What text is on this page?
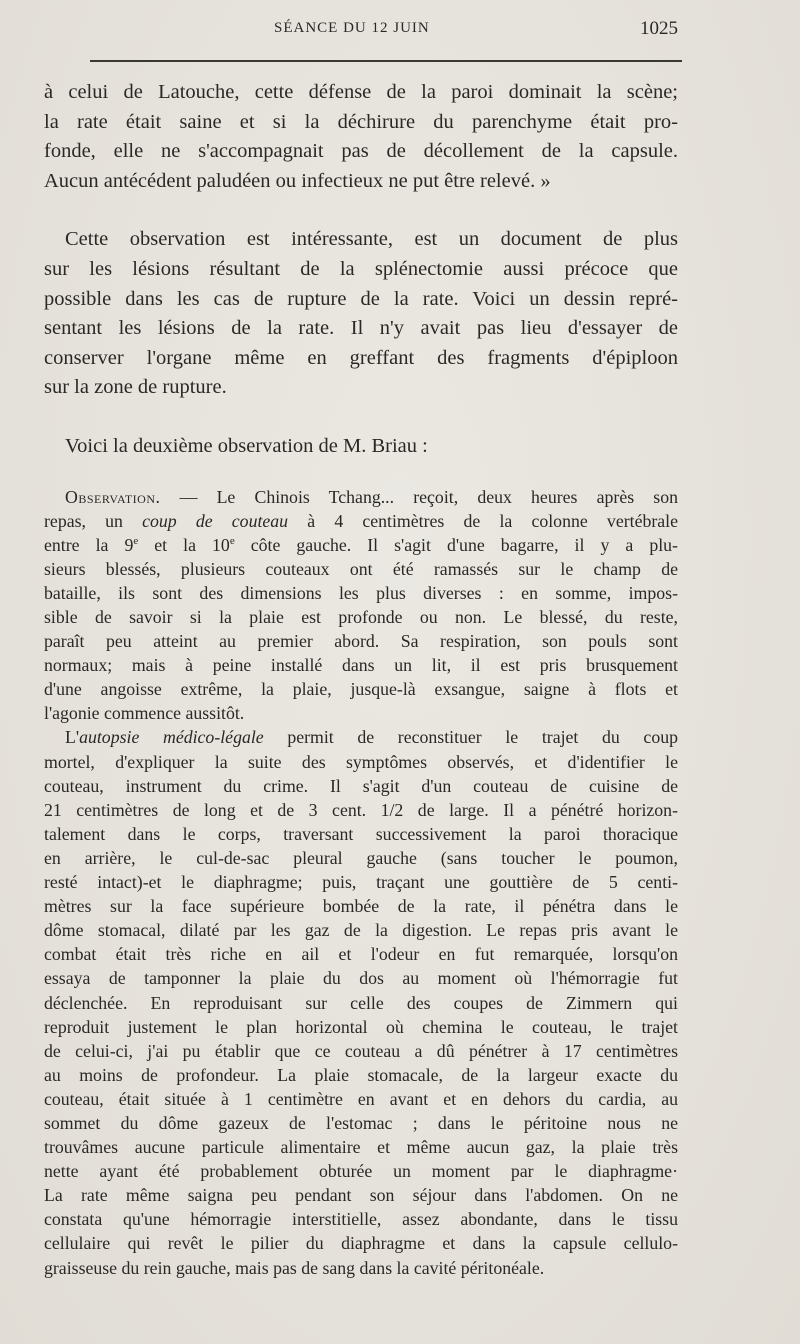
SÉANCE DU 12 JUIN	1025

à celui de Latouche, cette défense de la paroi dominait la scène;

la rate était saine et si la déchirure du parenchyme était pro-

fonde, elle ne s'accompagnait pas de décollement de la capsule.

Aucun antécédent paludéen ou infectieux ne put être relevé. »

Cette observation est intéressante, est un document de plus

sur les lésions résultant de la splénectomie aussi précoce que

possible dans les cas de rupture de la rate. Voici un dessin repré-

sentant les lésions de la rate. Il n'y avait pas lieu d'essayer de

conserver l'organe même en greffant des fragments d'épiploon

sur la zone de rupture.

Voici la deuxième observation de M. Briau :

Observation. — Le Chinois Tchang... reçoit, deux heures après son

repas, un coup de couteau à 4 centimètres de la colonne vertébrale

entre la 9e et la 10e côte gauche. Il s'agit d'une bagarre, il y a plu-

sieurs blessés, plusieurs couteaux ont été ramassés sur le champ de

bataille, ils sont des dimensions les plus diverses : en somme, impos-

sible de savoir si la plaie est profonde ou non. Le blessé, du reste,

paraît peu atteint au premier abord. Sa respiration, son pouls sont

normaux; mais à peine installé dans un lit, il est pris brusquement

d'une angoisse extrême, la plaie, jusque-là exsangue, saigne à flots et

l'agonie commence aussitôt.

L'autopsie médico-légale permit de reconstituer le trajet du coup

mortel, d'expliquer la suite des symptômes observés, et d'identifier le

couteau, instrument du crime. Il s'agit d'un couteau de cuisine de

21 centimètres de long et de 3 cent. 1/2 de large. Il a pénétré horizon-

talement dans le corps, traversant successivement la paroi thoracique

en arrière, le cul-de-sac pleural gauche (sans toucher le poumon,

resté intact)-et le diaphragme; puis, traçant une gouttière de 5 centi-

mètres sur la face supérieure bombée de la rate, il pénétra dans le

dôme stomacal, dilaté par les gaz de la digestion. Le repas pris avant le

combat était très riche en ail et l'odeur en fut remarquée, lorsqu'on

essaya de tamponner la plaie du dos au moment où l'hémorragie fut

déclenchée. En reproduisant sur celle des coupes de Zimmern qui

reproduit justement le plan horizontal où chemina le couteau, le trajet

de celui-ci, j'ai pu établir que ce couteau a dû pénétrer à 17 centimètres

au moins de profondeur. La plaie stomacale, de la largeur exacte du

couteau, était située à 1 centimètre en avant et en dehors du cardia, au

sommet du dôme gazeux de l'estomac ; dans le péritoine nous ne

trouvâmes aucune particule alimentaire et même aucun gaz, la plaie très

nette ayant été probablement obturée un moment par le diaphragme·

La rate même saigna peu pendant son séjour dans l'abdomen. On ne

constata qu'une hémorragie interstitielle, assez abondante, dans le tissu

cellulaire qui revêt le pilier du diaphragme et dans la capsule cellulo-

graisseuse du rein gauche, mais pas de sang dans la cavité péritonéale.
